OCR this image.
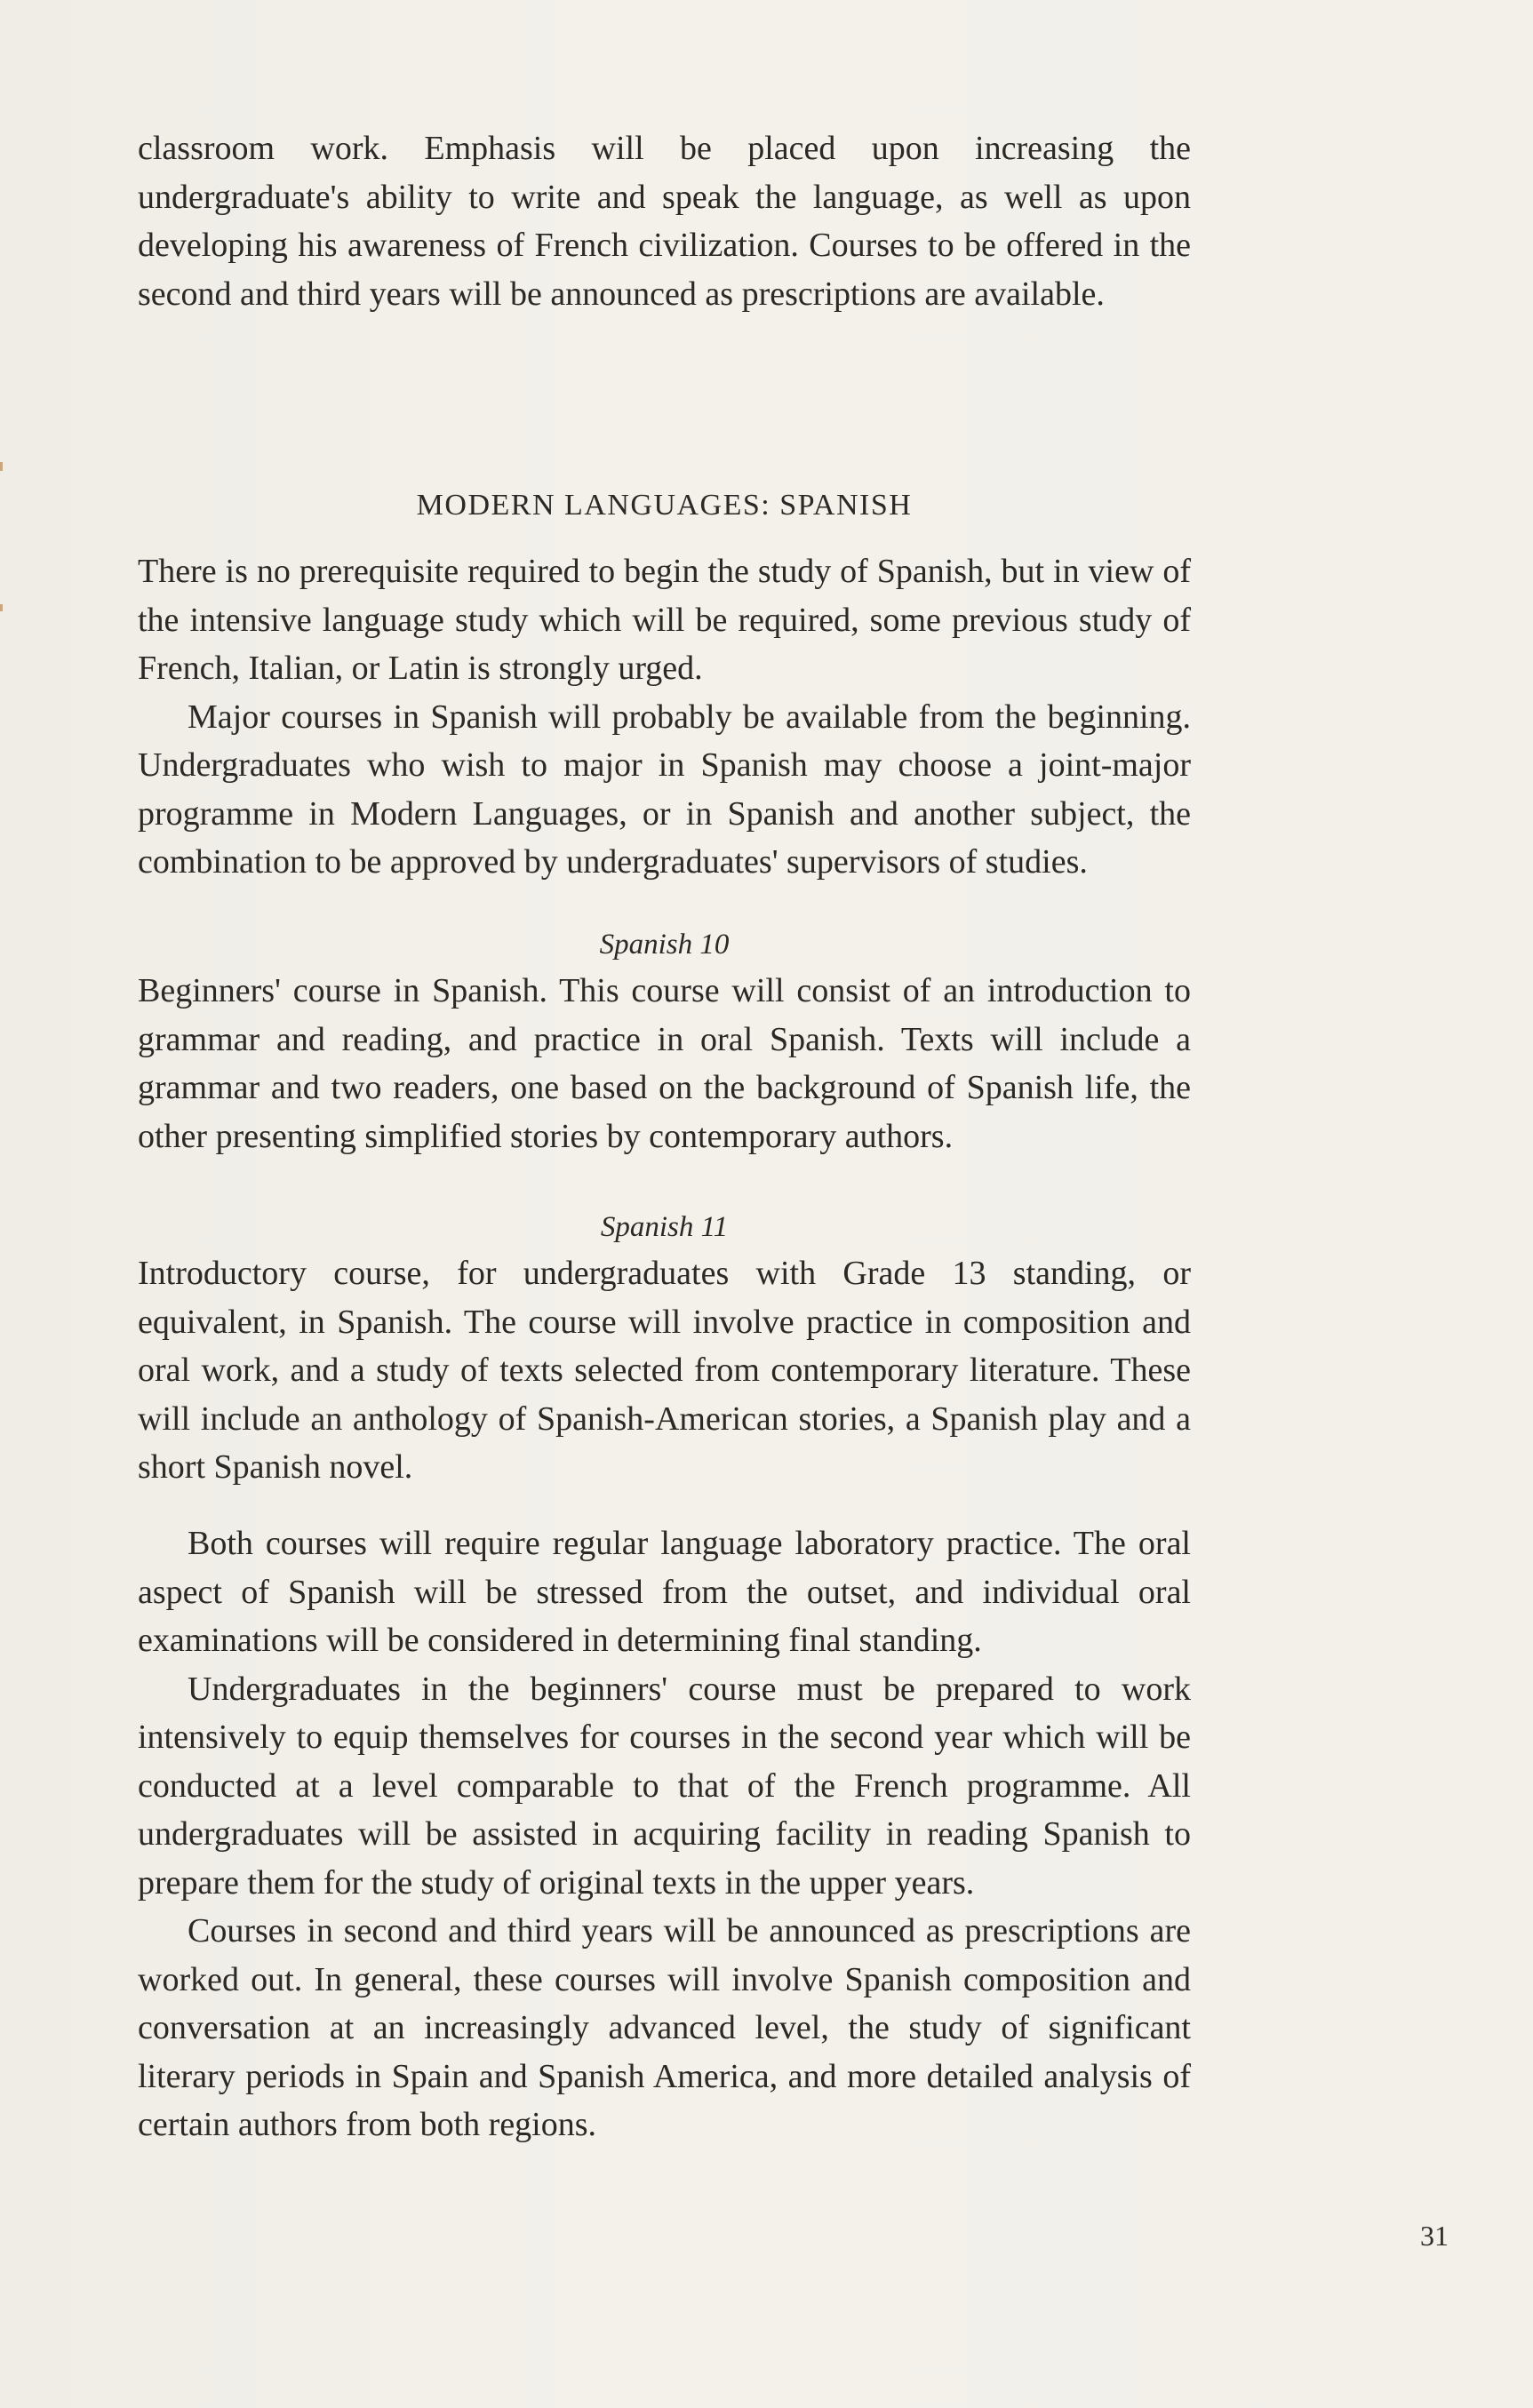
classroom work. Emphasis will be placed upon increasing the undergraduate's ability to write and speak the language, as well as upon developing his awareness of French civilization. Courses to be offered in the second and third years will be announced as prescriptions are available.

MODERN LANGUAGES: SPANISH

There is no prerequisite required to begin the study of Spanish, but in view of the intensive language study which will be required, some previous study of French, Italian, or Latin is strongly urged.

Major courses in Spanish will probably be available from the beginning. Undergraduates who wish to major in Spanish may choose a joint-major programme in Modern Languages, or in Spanish and another subject, the combination to be approved by undergraduates' supervisors of studies.

Spanish 10

Beginners' course in Spanish. This course will consist of an introduction to grammar and reading, and practice in oral Spanish. Texts will include a grammar and two readers, one based on the background of Spanish life, the other presenting simplified stories by contemporary authors.

Spanish 11

Introductory course, for undergraduates with Grade 13 standing, or equivalent, in Spanish. The course will involve practice in composition and oral work, and a study of texts selected from contemporary literature. These will include an anthology of Spanish-American stories, a Spanish play and a short Spanish novel.

Both courses will require regular language laboratory practice. The oral aspect of Spanish will be stressed from the outset, and individual oral examinations will be considered in determining final standing.

Undergraduates in the beginners' course must be prepared to work intensively to equip themselves for courses in the second year which will be conducted at a level comparable to that of the French programme. All undergraduates will be assisted in acquiring facility in reading Spanish to prepare them for the study of original texts in the upper years.

Courses in second and third years will be announced as prescriptions are worked out. In general, these courses will involve Spanish composition and conversation at an increasingly advanced level, the study of significant literary periods in Spain and Spanish America, and more detailed analysis of certain authors from both regions.

31
